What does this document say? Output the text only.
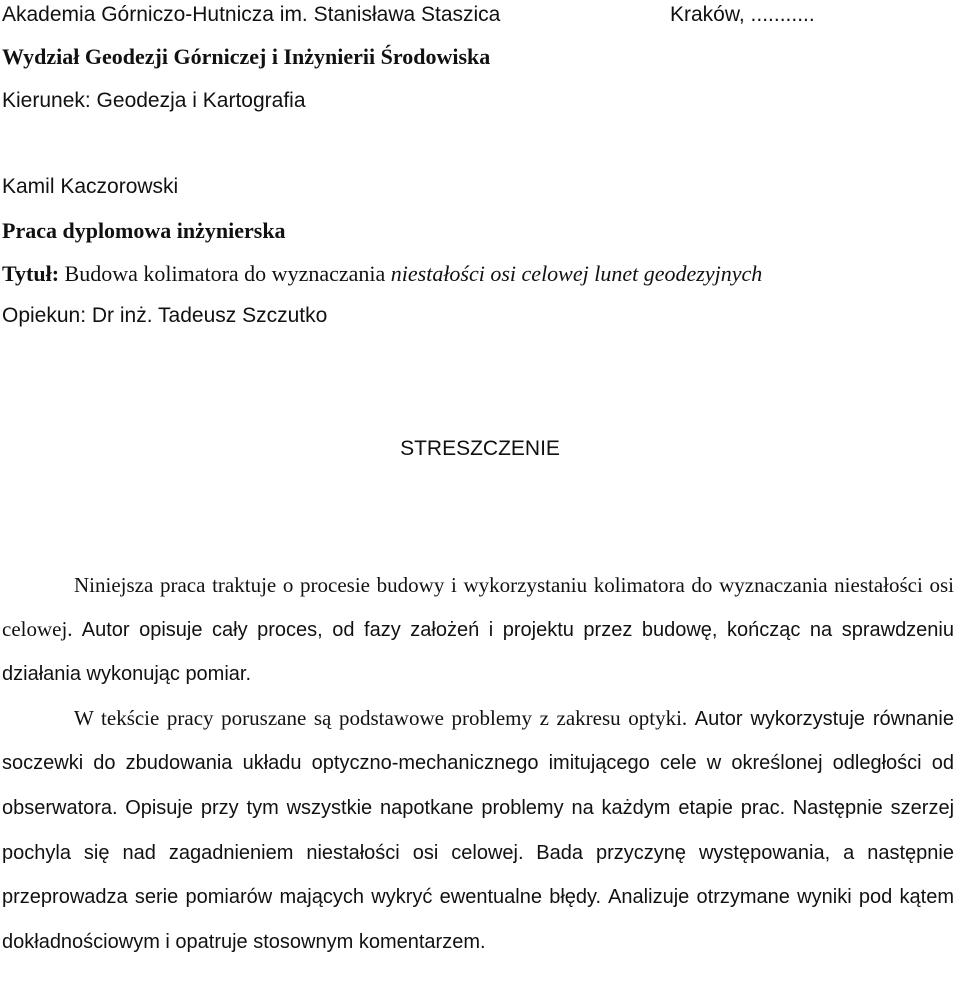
Akademia Górniczo-Hutnicza im. Stanisława Staszica	Kraków, ...........
Wydział Geodezji Górniczej i Inżynierii Środowiska
Kierunek: Geodezja i Kartografia
Kamil Kaczorowski
Praca dyplomowa inżynierska
Tytuł: Budowa kolimatora do wyznaczania niestałości osi celowej lunet geodezyjnych
Opiekun: Dr inż. Tadeusz Szczutko
STRESZCZENIE

Niniejsza praca traktuje o procesie budowy i wykorzystaniu kolimatora do wyznaczania niestałości osi celowej. Autor opisuje cały proces, od fazy założeń i projektu przez budowę, kończąc na sprawdzeniu działania wykonując pomiar.

W tekście pracy poruszane są podstawowe problemy z zakresu optyki. Autor wykorzystuje równanie soczewki do zbudowania układu optyczno-mechanicznego imitującego cele w określonej odległości od obserwatora. Opisuje przy tym wszystkie napotkane problemy na każdym etapie prac. Następnie szerzej pochyla się nad zagadnieniem niestałości osi celowej. Bada przyczynę występowania, a następnie przeprowadza serie pomiarów mających wykryć ewentualne błędy. Analizuje otrzymane wyniki pod kątem dokładnościowym i opatruje stosownym komentarzem.
